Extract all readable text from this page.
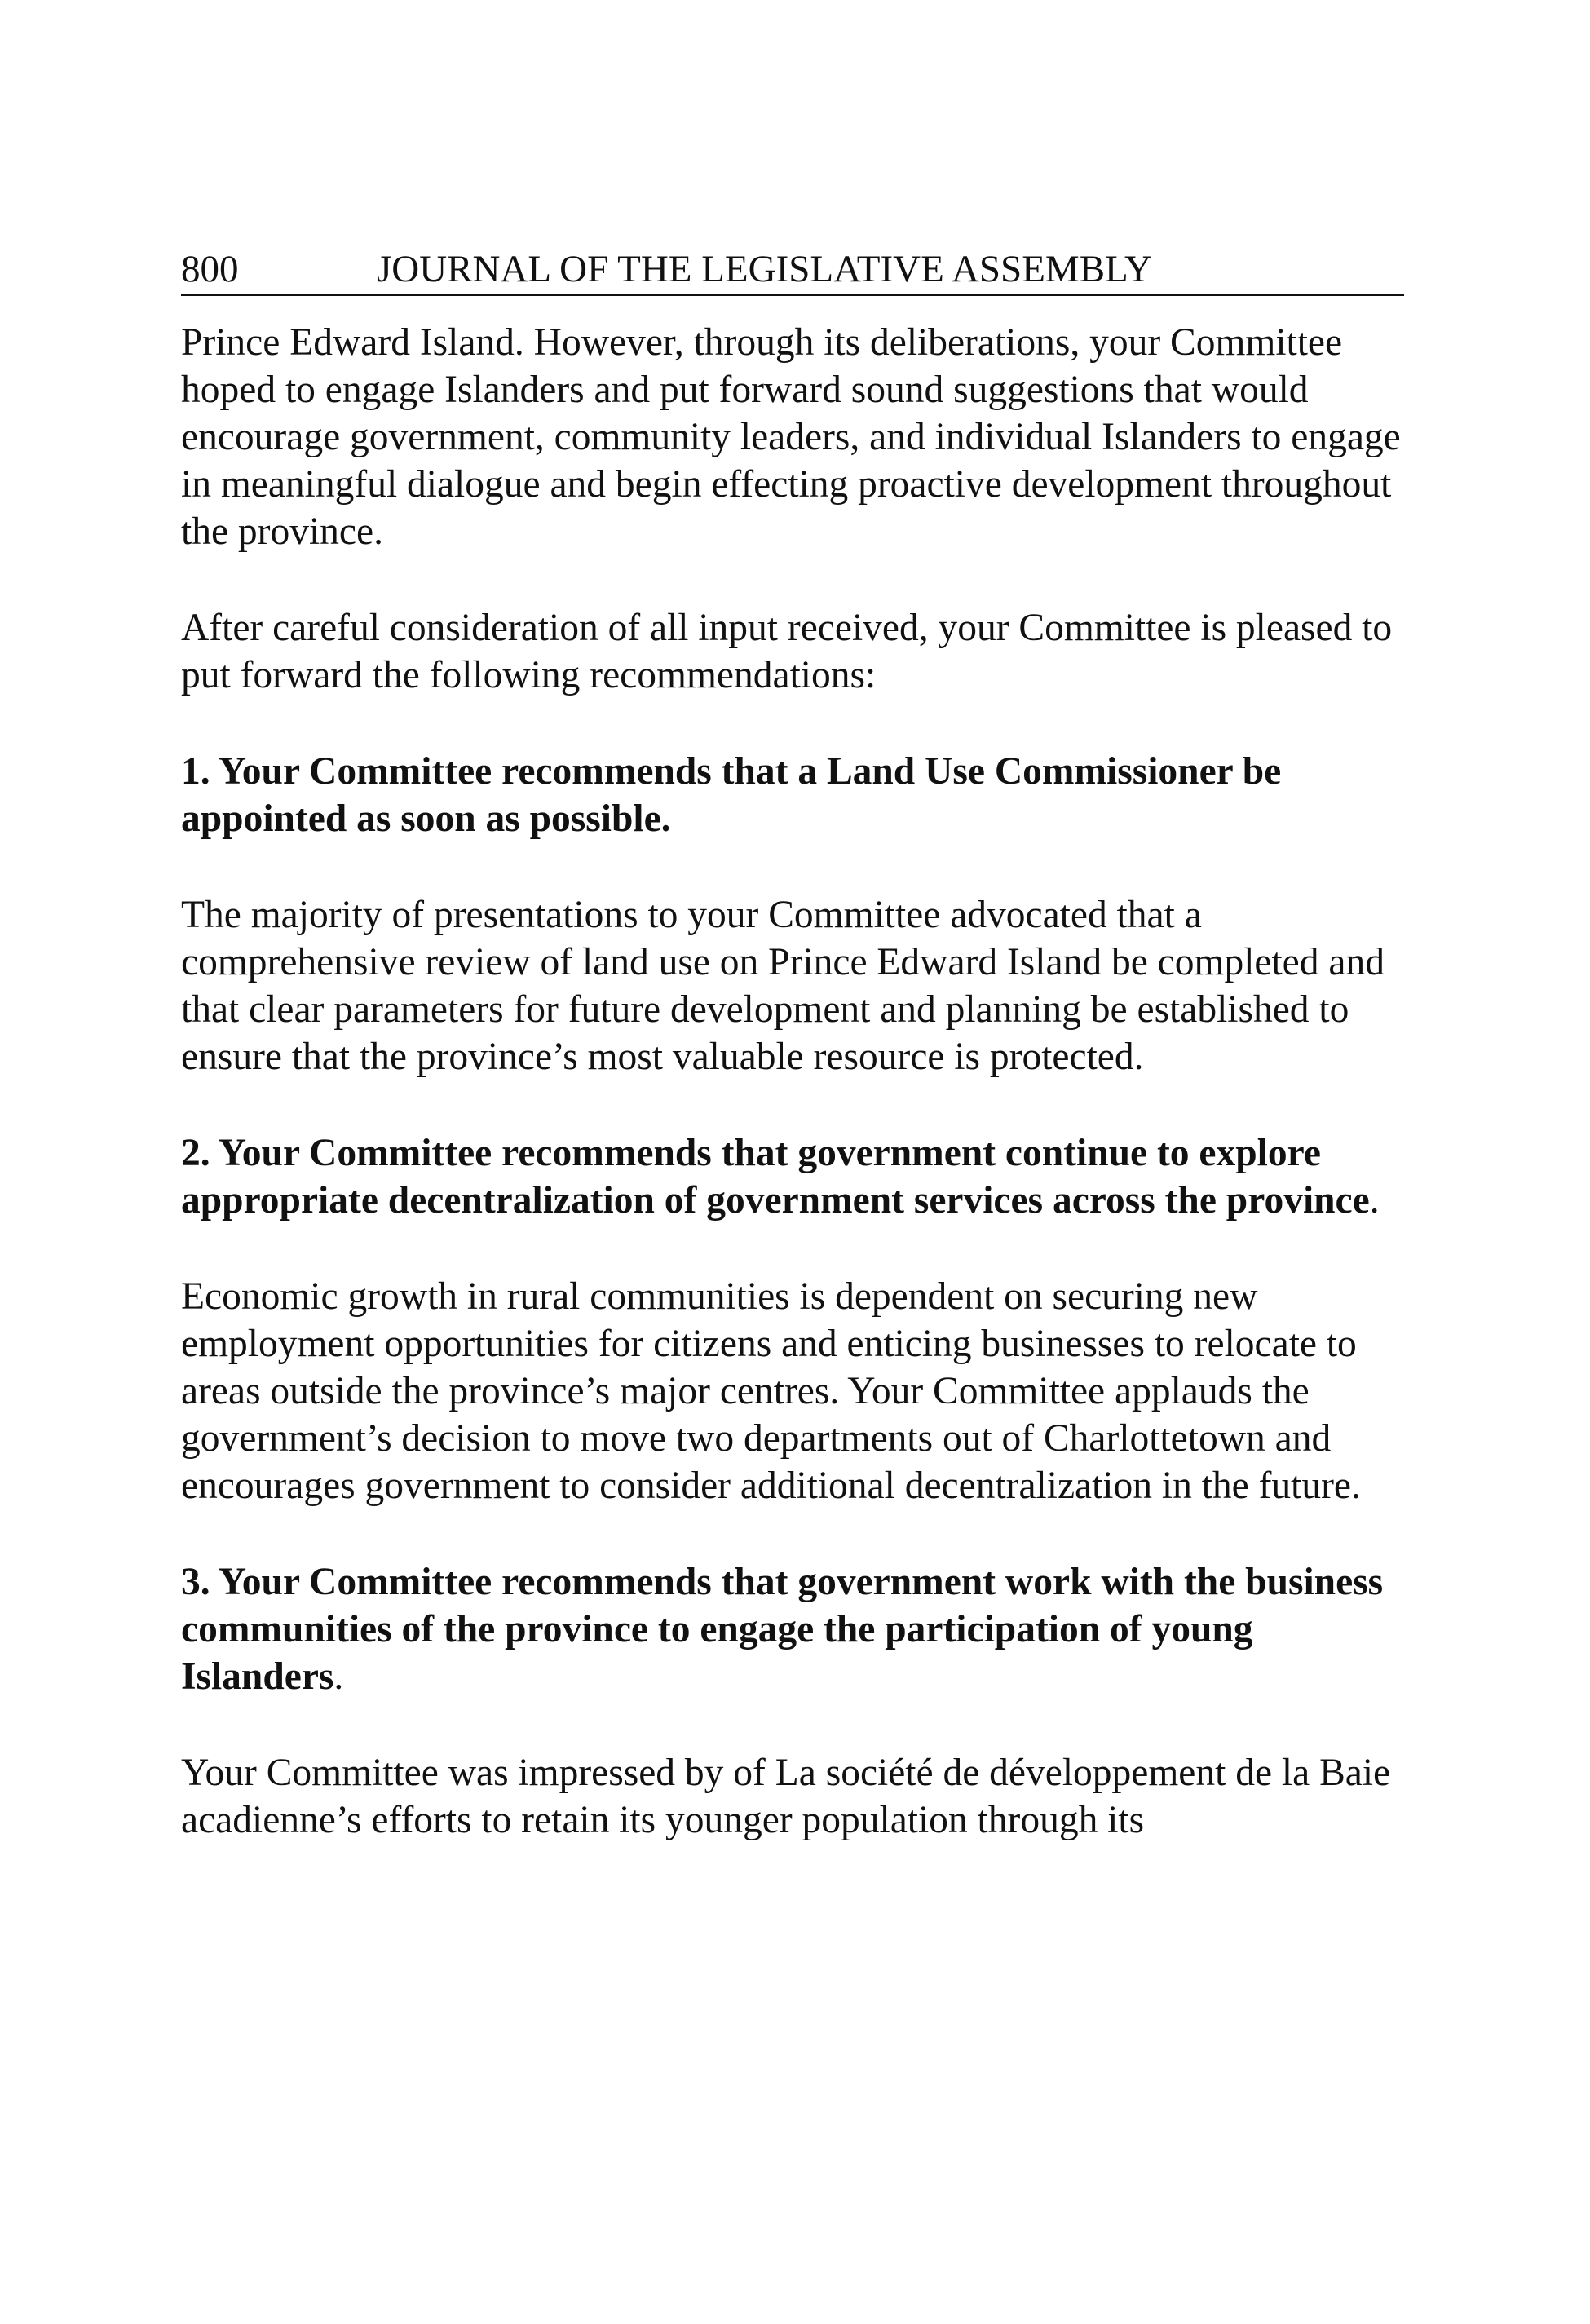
800	JOURNAL OF THE LEGISLATIVE ASSEMBLY

Prince Edward Island. However, through its deliberations, your Committee hoped to engage Islanders and put forward sound suggestions that would encourage government, community leaders, and individual Islanders to engage in meaningful dialogue and begin effecting proactive development throughout the province.

After careful consideration of all input received, your Committee is pleased to put forward the following recommendations:

1. Your Committee recommends that a Land Use Commissioner be appointed as soon as possible.

The majority of presentations to your Committee advocated that a comprehensive review of land use on Prince Edward Island be completed and that clear parameters for future development and planning be established to ensure that the province’s most valuable resource is protected.

2. Your Committee recommends that government continue to explore appropriate decentralization of government services across the province.

Economic growth in rural communities is dependent on securing new employment opportunities for citizens and enticing businesses to relocate to areas outside the province’s major centres. Your Committee applauds the government’s decision to move two departments out of Charlottetown and encourages government to consider additional decentralization in the future.

3. Your Committee recommends that government work with the business communities of the province to engage the participation of young Islanders.

Your Committee was impressed by of La société de développement de la Baie acadienne’s efforts to retain its younger population through its
